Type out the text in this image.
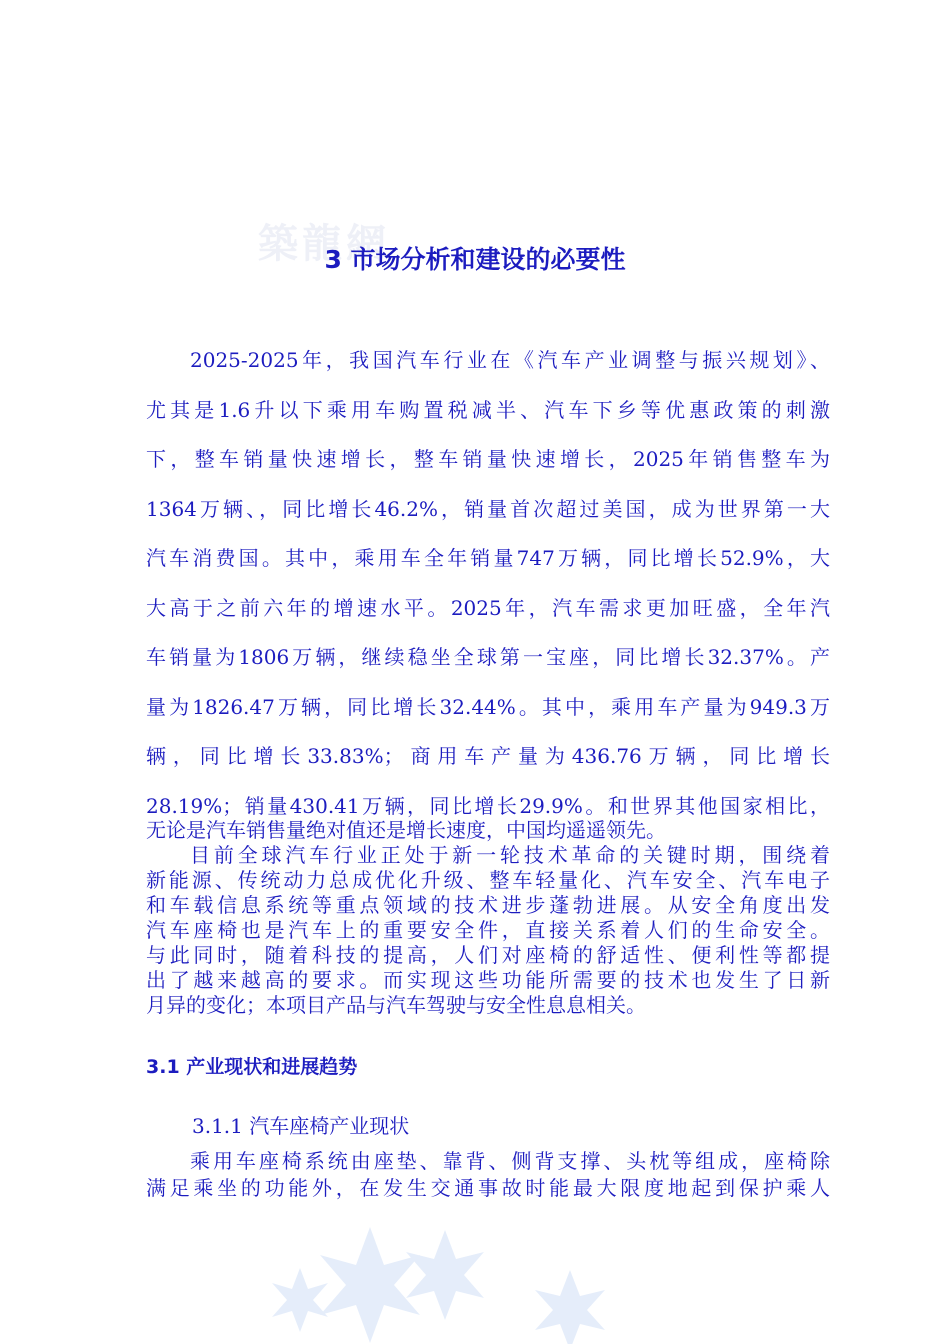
築龍網
3 市场分析和建设的必要性
2025-2025年，我国汽车行业在《汽车产业调整与振兴规划》、
尤其是1.6升以下乘用车购置税减半、汽车下乡等优惠政策的刺激
下，整车销量快速增长，整车销量快速增长，2025年销售整车为
1364万辆、，同比增长46.2%，销量首次超过美国，成为世界第一大
汽车消费国。其中，乘用车全年销量747万辆，同比增长52.9%，大
大高于之前六年的增速水平。2025年，汽车需求更加旺盛，全年汽
车销量为1806万辆，继续稳坐全球第一宝座，同比增长32.37%。产
量为1826.47万辆，同比增长32.44%。其中，乘用车产量为949.3万
辆，同比增长33.83%；商用车产量为436.76万辆，同比增长
28.19%；销量430.41万辆，同比增长29.9%。和世界其他国家相比，
无论是汽车销售量绝对值还是增长速度，中国均遥遥领先。
目前全球汽车行业正处于新一轮技术革命的关键时期，围绕着
新能源、传统动力总成优化升级、整车轻量化、汽车安全、汽车电子
和车载信息系统等重点领域的技术进步蓬勃进展。从安全角度出发
汽车座椅也是汽车上的重要安全件，直接关系着人们的生命安全。
与此同时，随着科技的提高，人们对座椅的舒适性、便利性等都提
出了越来越高的要求。而实现这些功能所需要的技术也发生了日新
月异的变化；本项目产品与汽车驾驶与安全性息息相关。
3.1 产业现状和进展趋势
3.1.1 汽车座椅产业现状
乘用车座椅系统由座垫、靠背、侧背支撑、头枕等组成，座椅除
满足乘坐的功能外，在发生交通事故时能最大限度地起到保护乘人
